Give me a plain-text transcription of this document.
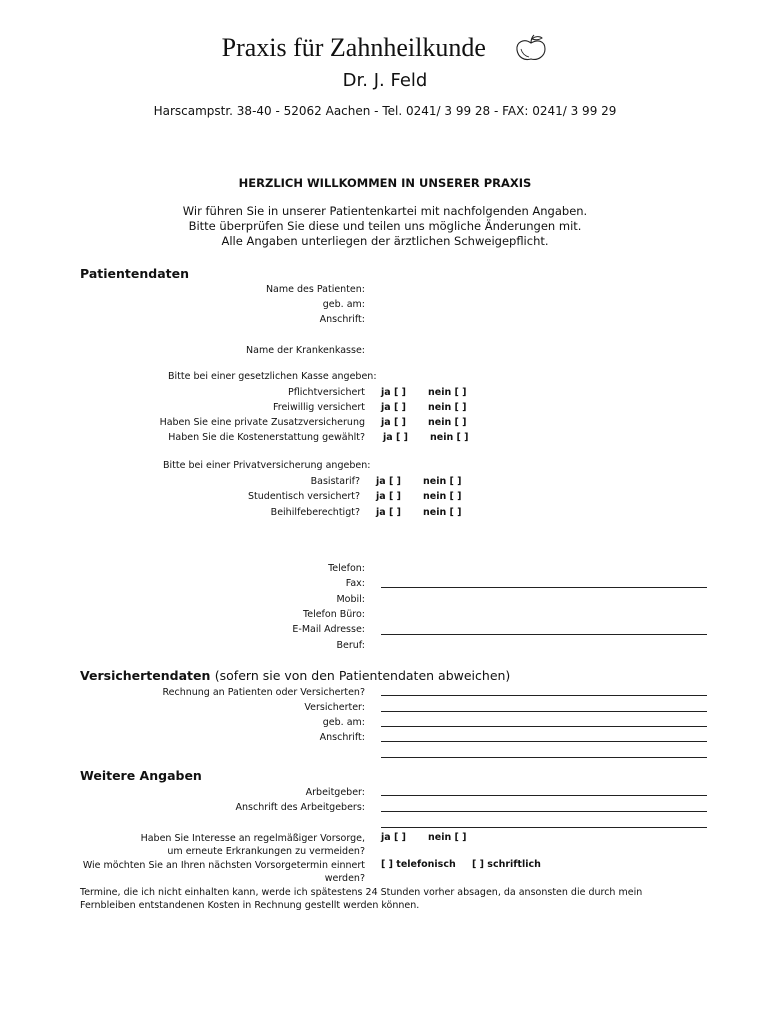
Praxis für Zahnheilkunde
Dr. J. Feld
Harscampstr. 38-40 - 52062 Aachen - Tel. 0241/ 3 99 28 - FAX: 0241/ 3 99 29
HERZLICH WILLKOMMEN IN UNSERER PRAXIS
Wir führen Sie in unserer Patientenkartei mit nachfolgenden Angaben.
Bitte überprüfen Sie diese und teilen uns mögliche Änderungen mit.
Alle Angaben unterliegen der ärztlichen Schweigepflicht.
Patientendaten
Name des Patienten:
geb. am:
Anschrift:
Name der Krankenkasse:
Bitte bei einer gesetzlichen Kasse angeben:
Pflichtversichert ja [ ] nein [ ]
Freiwillig versichert ja [ ] nein [ ]
Haben Sie eine private Zusatzversicherung ja [ ] nein [ ]
Haben Sie die Kostenerstattung gewählt? ja [ ] nein [ ]
Bitte bei einer Privatversicherung angeben:
Basistarif? ja [ ] nein [ ]
Studentisch versichert? ja [ ] nein [ ]
Beihilfeberechtigt? ja [ ] nein [ ]
Telefon:
Fax:
Mobil:
Telefon Büro:
E-Mail Adresse:
Beruf:
Versichertendaten (sofern sie von den Patientendaten abweichen)
Rechnung an Patienten oder Versicherten?
Versicherter:
geb. am:
Anschrift:
Weitere Angaben
Arbeitgeber:
Anschrift des Arbeitgebers:
Haben Sie Interesse an regelmäßiger Vorsorge,
um erneute Erkrankungen zu vermeiden?
ja [ ] nein [ ]
Wie möchten Sie an Ihren nächsten Vorsorgetermin einnert
werden?
[ ] telefonisch [ ] schriftlich
Termine, die ich nicht einhalten kann, werde ich spätestens 24 Stunden vorher absagen, da ansonsten die durch mein Fernbleiben entstandenen Kosten in Rechnung gestellt werden können.
